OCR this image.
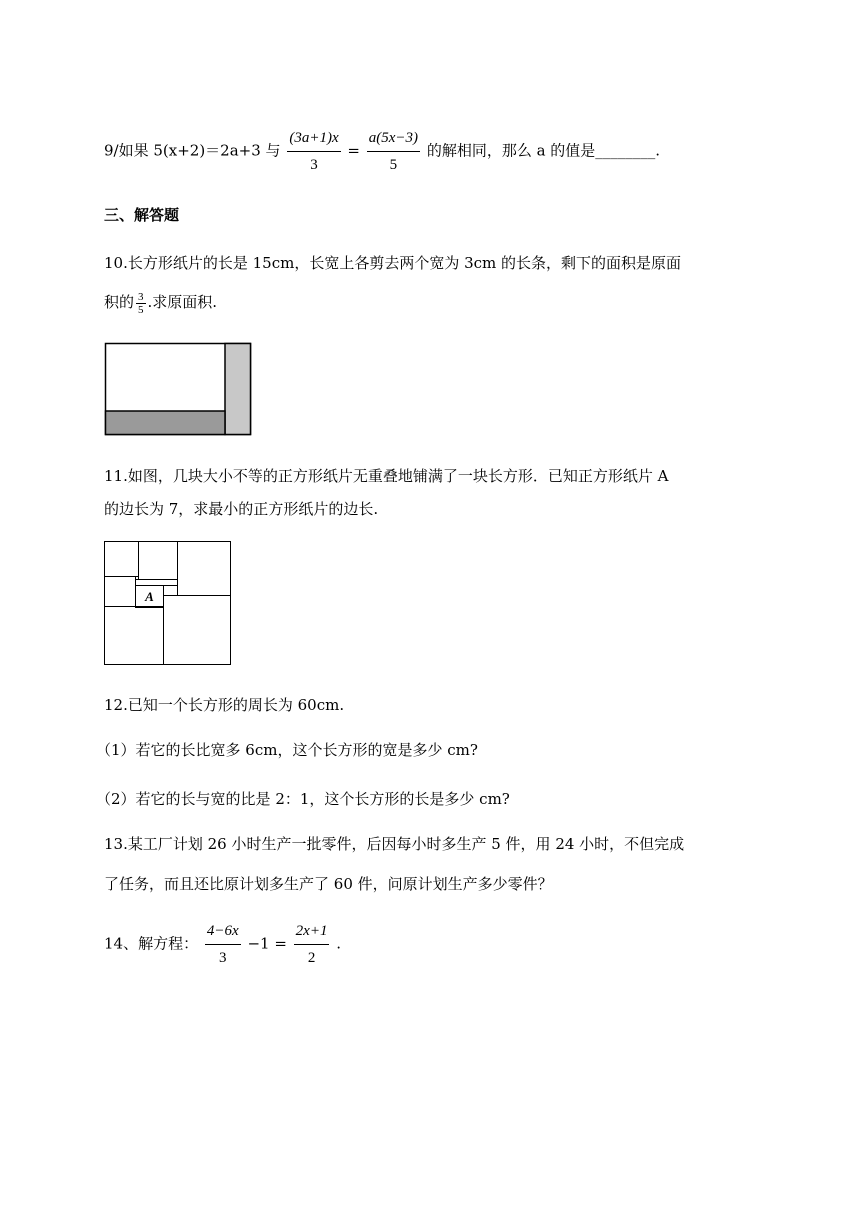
9/如果 5(x+2)＝2a+3 与 $\frac{(3a+1)x}{3} = \frac{a(5x-3)}{5}$ 的解相同，那么 a 的值是________.
三、解答题
10.长方形纸片的长是 15cm，长宽上各剪去两个宽为 3cm 的长条，剩下的面积是原面
积的 $\frac{3}{5}$ .求原面积.
11.如图，几块大小不等的正方形纸片无重叠地铺满了一块长方形．已知正方形纸片 A
的边长为 7，求最小的正方形纸片的边长.
A
12.已知一个长方形的周长为 60cm.
（1）若它的长比宽多 6cm，这个长方形的宽是多少 cm?
（2）若它的长与宽的比是 2：1，这个长方形的长是多少 cm?
13.某工厂计划 26 小时生产一批零件，后因每小时多生产 5 件，用 24 小时，不但完成
了任务，而且还比原计划多生产了 60 件，问原计划生产多少零件？
14、解方程： $\frac{4-6x}{3} -1 = \frac{2x+1}{2}$ .
